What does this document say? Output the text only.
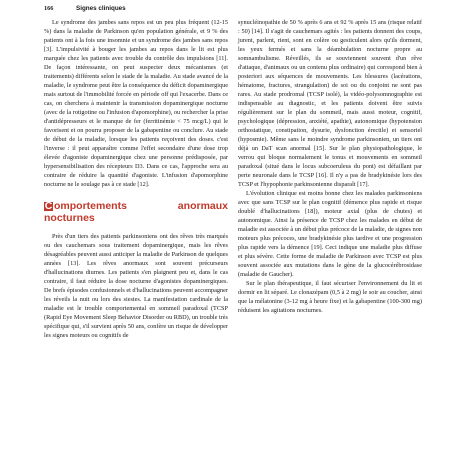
166	Signes cliniques

Le syndrome des jambes sans repos est un peu plus fréquent (12-15 %) dans la maladie de Parkinson qu'en population générale, et 9 % des patients ont à la fois une insomnie et un syndrome des jambes sans repos [3]. L'impulsivité à bouger les jambes au repos dans le lit est plus marquée chez les patients avec trouble du contrôle des impulsions [11]. De façon intéressante, on peut suspecter deux mécanismes (et traitements) différents selon le stade de la maladie. Au stade avancé de la maladie, le syndrome peut être la conséquence du déficit dopaminergique mais surtout de l'immobilité forcée en période off qui l'exacerbe. Dans ce cas, on cherchera à maintenir la transmission dopaminergique nocturne (avec de la rotigotine ou l'infusion d'apomorphine), ou rechercher la prise d'antidépresseurs et le manque de fer (ferritinémie < 75 mcg/L) qui le favorisent et on pourra proposer de la gabapentine ou conclure. Au stade de début de la maladie, lorsque les patients reçoivent des doses. c'est l'inverse : il peut apparaître comme l'effet secondaire d'une dose trop élevée d'agoniste dopaminergique chez une personne prédisposée, par hypersensibilisation des récepteurs D3. Dans ce cas, l'approche sera au contraire de réduire la quantité d'agoniste. L'infusion d'apomorphine nocturne ne le soulage pas à ce stade [12].

C omportements anormaux nocturnes

Près d'un tiers des patients parkinsoniens ont des rêves très marqués ou des cauchemars sous traitement dopaminergique, mais les rêves désagréables peuvent aussi anticiper la maladie de Parkinson de quelques années [13]. Les rêves anormaux sont souvent précurseurs d'hallucinations diurnes. Les patients s'en plaignent peu et, dans le cas contraire, il faut réduire la dose nocturne d'agonistes dopaminergiques. De brefs épisodes confusionnels et d'hallucinations peuvent accompagner les réveils la nuit ou lors des siestes. La manifestation cardinale de la maladie est le trouble comportemental en sommeil paradoxal (TCSP (Rapid Eye Movement Sleep Behavior Disorder ou RBD), un trouble très spécifique qui, s'il survient après 50 ans, confère un risque de développer les signes moteurs ou cognitifs de

synucléinopathie de 50 % après 6 ans et 92 % après 15 ans (risque relatif : 50) [14]. Il s'agit de cauchemars agités : les patients donnent des coups, jurent, parlent, rient, sont en colère ou gesticulent alors qu'ils dorment, les yeux fermés et sans la déambulation nocturne propre au somnambulisme. Réveillés, ils se souviennent souvent d'un rêve d'attaque, d'animaux ou un contenu plus ordinaire) qui correspond bien à posteriori aux séquences de mouvements. Les blessures (lacérations, hématome, fractures, strangulation) de soi ou du conjoint ne sont pas rares. Au stade prodromal (TCSP isolé), la vidéo-polysomnographie est indispensable au diagnostic, et les patients doivent être suivis régulièrement sur le plan du sommeil, mais aussi moteur, cognitif, psychologique (dépression, anxiété, apathie), autonomique (hypotension orthostatique, constipation, dysurie, dysfonction érectile) et sensoriel (hyposmie). Même sans le moindre syndrome parkinsonien, un tiers ont déjà un DaT scan anormal [15]. Sur le plan physiopathologique, le verrou qui bloque normalement le tonus et mouvements en sommeil paradoxal (situé dans le locus subcoeruleus du pont) est défaillant par perte neuronale dans le TCSP [16]. Il n'y a pas de bradykinésie lors des TCSP et l'hypophonie parkinsonienne disparaît [17].

L'évolution clinique est moins bonne chez les malades parkinsoniens avec que sans TCSP sur le plan cognitif (démence plus rapide et risque doublé d'hallucinations [18]), moteur axial (plus de chutes) et autonomique. Ainsi la présence de TCSP chez les malades en début de maladie est associée à un début plus précoce de la maladie, de signes non moteurs plus précoces, une bradykinésie plus tardive et une progression plus rapide vers la démence [19]. Ceci indique une maladie plus diffuse et plus sévère. Cette forme de maladie de Parkinson avec TCSP est plus souvent associée aux mutations dans le gène de la glucocérébrosidase (maladie de Gaucher).

Sur le plan thérapeutique, il faut sécuriser l'environnement du lit et dormir en lit séparé. Le clonazépam (0,5 à 2 mg) le soir au coucher, ainsi que la mélatonine (3-12 mg à heure fixe) et la gabapentine (100-300 mg) réduisent les agitations nocturnes.
